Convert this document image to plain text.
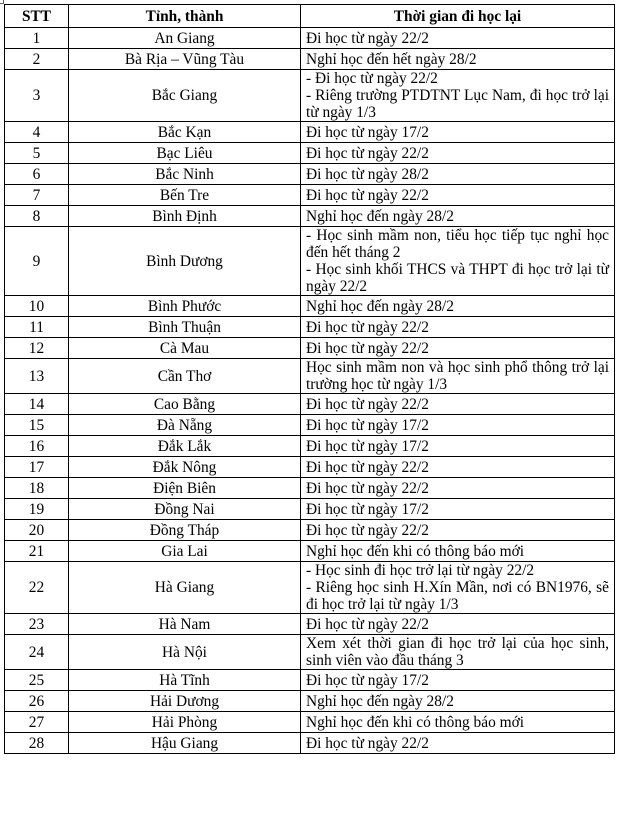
STT	Tỉnh, thành	Thời gian đi học lại
1	An Giang	Đi học từ ngày 22/2

2	Bà Rịa – Vũng Tàu	Nghỉ học đến hết ngày 28/2

3	Bắc Giang	- Đi học từ ngày 22/2
- Riêng trường PTDTNT Lục Nam, đi học trở lại từ ngày 1/3

4	Bắc Kạn	Đi học từ ngày 17/2

5	Bạc Liêu	Đi học từ ngày 22/2

6	Bắc Ninh	Đi học từ ngày 28/2

7	Bến Tre	Đi học từ ngày 22/2

8	Bình Định	Nghỉ học đến ngày 28/2

9	Bình Dương	- Học sinh mầm non, tiểu học tiếp tục nghỉ học đến hết tháng 2
- Học sinh khối THCS và THPT đi học trở lại từ ngày 22/2

10	Bình Phước	Nghỉ học đến ngày 28/2

11	Bình Thuận	Đi học từ ngày 22/2

12	Cà Mau	Đi học từ ngày 22/2

13	Cần Thơ	Học sinh mầm non và học sinh phổ thông trở lại trường học từ ngày 1/3

14	Cao Bằng	Đi học từ ngày 22/2

15	Đà Nẵng	Đi học từ ngày 17/2

16	Đắk Lắk	Đi học từ ngày 17/2

17	Đắk Nông	Đi học từ ngày 22/2

18	Điện Biên	Đi học từ ngày 22/2

19	Đồng Nai	Đi học từ ngày 17/2

20	Đồng Tháp	Đi học từ ngày 22/2

21	Gia Lai	Nghỉ học đến khi có thông báo mới

22	Hà Giang	- Học sinh đi học trở lại từ ngày 22/2
- Riêng học sinh H.Xín Mần, nơi có BN1976, sẽ đi học trở lại từ ngày 1/3

23	Hà Nam	Đi học từ ngày 22/2

24	Hà Nội	Xem xét thời gian đi học trở lại của học sinh, sinh viên vào đầu tháng 3

25	Hà Tĩnh	Đi học từ ngày 17/2

26	Hải Dương	Nghỉ học đến ngày 28/2

27	Hải Phòng	Nghỉ học đến khi có thông báo mới

28	Hậu Giang	Đi học từ ngày 22/2
